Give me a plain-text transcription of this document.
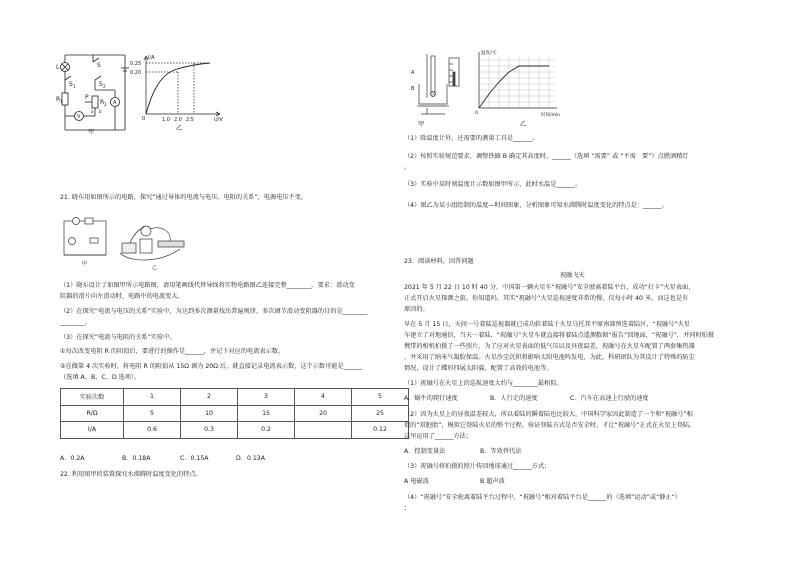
L	S
S	S
1	2
R 1
P
A
R 2
V
a b
甲
I/A
0.25
0.20
U/V
1.0 2.0 2.5
0
乙
21. 晓东用如图所示的电路，探究“通过导体的电流与电压、电阻的关系”，电源电压不变。
甲
乙
（1）晓东设计了如图甲所示电路图，请用笔画线代替导线将实物电路图乙连接完整________。要求：滑动变
阻器的滑片向左滑动时，电路中的电流变大。
（2）在探究“电流与电压的关系”实验中，为达到多次测量找出普遍规律，多次调节滑动变阻器的目的是________
________。
（3）在探究“电流与电阻的关系”实验中。
①每次改变电阻 R 的阻值后，要进行的操作是______，并记下对应的电流表示数。
②在做第 4 次实验时，将电阻 R 的阻值从 15Ω 调为 20Ω 后，就直接记录电流表示数，这个示数可能是______
（选填 A、B、C、D 选项）。
实验次数	1	2	3	4	5
R/Ω	5	10	15	20	25
I/A	0.6	0.3	0.2		0.12
A．0.2A	B．0.18A	C．0.15A	D．0.13A
22. 利用图甲的装置探究水沸腾时温度变化的特点。
A
B
甲
温度/℃
时间/min
0
乙
（1）除温度计外，还需要的测量工具是______。
（2）按照实验规范要求，调整铁圈 B 确定其高度时，______（选填 “需要” 或 “不需　要”）点燃酒精灯
。
（3）实验中某时刻温度计示数如图甲所示，此时水温是______。
（4）图乙为某小组绘制的温度—时间图象，分析图象可知水沸腾时温度变化的特点是：______。
23．阅读材料，回答问题
祝融飞天
2021 年 5 月 22 日 10 时 40 分，中国第一辆火星车“祝融号”安全驶离着陆平台，成功“打卡”火星表面，
正式开启火星探测之旅。你知道吗，其实“祝融号”火星巡视速度非常的慢，仅每小时 40 米，而这也是有
原因的。
早在 5 月 15 日，天问一号着陆巡视器就已成功软着陆于火星乌托邦平原南部预选着陆区，“祝融号”火星
车建立了对地通信，当天一着陆，“祝融号”火星车就直接将着陆点遥测数据“报告”回地面，“祝融号”，并同时拍摄
携带的相机拍摄了一些照片，为了应对火星表面的低气压以及昼夜温差，祝融号在火星车配置了两套集热器
，并采用了纳米气凝胶保温。火星沙尘沉积将影响太阳电池阵发电，为此，科研团队为其设计了特殊的防尘
情况，设计了蝶形四展太阳翼，配置了高效的电池等。
（1）祝融号在火星上的巡航速度大约与________最相似。
A．蜗牛的爬行速度	B．人行走的速度	C．汽车在高速上行驶的速度
（2）因为火星上的昼夜温差较大，所以着陆的瞬着陆也比较大，中国科学家因此制造了一个和“祝融号”相
似的“双胞胎”，模拟它登陆火星的整个过程，验证登陆方式是否安全时，才让“祝融号”正式在火星上登陆。
这里运用了______方法；
A．控制变量法	B．等效替代法
（3）祝融号将拍摄的照片传回地球通过______方式；
A 电磁波	B 超声波
（4）“祝融号”安全驶离着陆平台过程中，“祝融号”相对着陆平台是______的（选填“运动”或“静止”）
；
